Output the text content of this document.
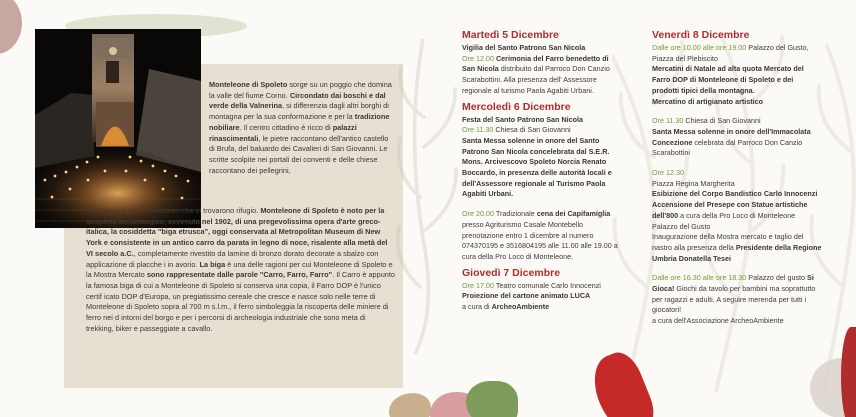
Monteleone di Spoleto sorge su un poggio che domina la valle del fiume Corno. Circondato dai boschi e dal verde della Valnerina, si differenzia dagli altri borghi di montagna per la sua conformazione e per la tradizione nobiliare. Il centro cittadino è ricco di palazzi rinascimentali, le pietre raccontano dell'antico castello di Brufa, del baluardo dei Cavalieri di San Giovanni. Le scritte scolpite nei portali dei conventi e delle chiese raccontano dei pellegrini,
dei mercanti e dei condottieri che vi trovarono rifugio. Monteleone di Spoleto è noto per la scoperta archeologica, avvenuta nel 1902, di una pregevolissima opera d'arte greco-italica, la cosiddetta "biga etrusca", oggi conservata al Metropolitan Museum di New York e consistente in un antico carro da parata in legno di noce, risalente alla metà del VI secolo a.C., completamente rivestito da lamine di bronzo dorato decorate a sbalzo con applicazione di placche i in avorio. La biga è una delle ragioni per cui Monteleone di Spoleto e la Mostra Mercato sono rappresentate dalle parole "Carro, Farro, Farro". Il Carro è appunto la famosa biga di cui a Monteleone di Spoleto si conserva una copia, il Farro DOP è l'unico certif icato DOP d'Europa, un pregiatissimo cereale che cresce e nasce solo nelle terre di Monteleone di Spoleto sopra al 700 m s.l.m., il ferro simboleggia la riscoperta delle miniere di ferro nei d intorni del borgo e per i percorsi di archeologia industriale che sono meta di trekking, biker e passeggiate a cavallo.
Martedì 5 Dicembre
Vigilia del Santo Patrono San Nicola
Ore 12.00 Cerimonia del Farro benedetto di San Nicola distribuito dal Parroco Don Canzio Scarabottini. Alla presenza dell' Assessore regionale al turismo Paola Agabiti Urbani.
Mercoledì 6 Dicembre
Festa del Santo Patrono San Nicola
Ore 11.30 Chiesa di San Giovanni
Santa Messa solenne in onore del Santo Patrono San Nicola concelebrata dal S.E.R. Mons. Arcivescovo Spoleto Norcia Renato Boccardo, in presenza delle autorità locali e dell'Assessore regionale al Turismo Paola Agabiti Urbani.
Ore 20.00 Tradizionale cena dei Capifamiglia presso Agriturismo Casale Montebello prenotazione entro 1 dicembre al numero 074370195 e 3516804195 alle 11.00 alle 19.00 a cura della Pro Loco di Monteleone.
Giovedì 7 Dicembre
Ore 17.00 Teatro comunale Carlo Innocenzi
Proiezione del cartone animato LUCA
a cura di ArcheoAmbiente
Venerdì 8 Dicembre
Dalle ore 10.00 alle ore 19.00 Palazzo del Gusto, Piazza del Plebiscito
Mercatini di Natale ad alta quota Mercato del Farro DOP di Monteleone di Spoleto e dei prodotti tipici della montagna.
Mercatino di artigianato artistico
Ore 11.30 Chiesa di San Giovanni
Santa Messa solenne in onore dell'Immacolata Concezione celebrata dal Parroco Don Canzio Scarabottini
Ore 12.30
Piazza Regina Margherita
Esibizione del Corpo Bandistico Carlo Innocenzi Accensione del Presepe con Statue artistiche dell'800 a cura della Pro Loco di Monteleone Palazzo del Gusto
Inaugurazione della Mostra mercato e taglio del nastro alla presenza della Presidente della Regione Umbria Donatella Tesei
Dalle ore 16.30 alle ore 18.30 Palazzo del gusto Si Gioca! Giochi da tavolo per bambini ma soprattutto per ragazzi e adulti. A seguire merenda per tutti i giocatori!
a cura dell'Associazione ArcheoAmbiente
